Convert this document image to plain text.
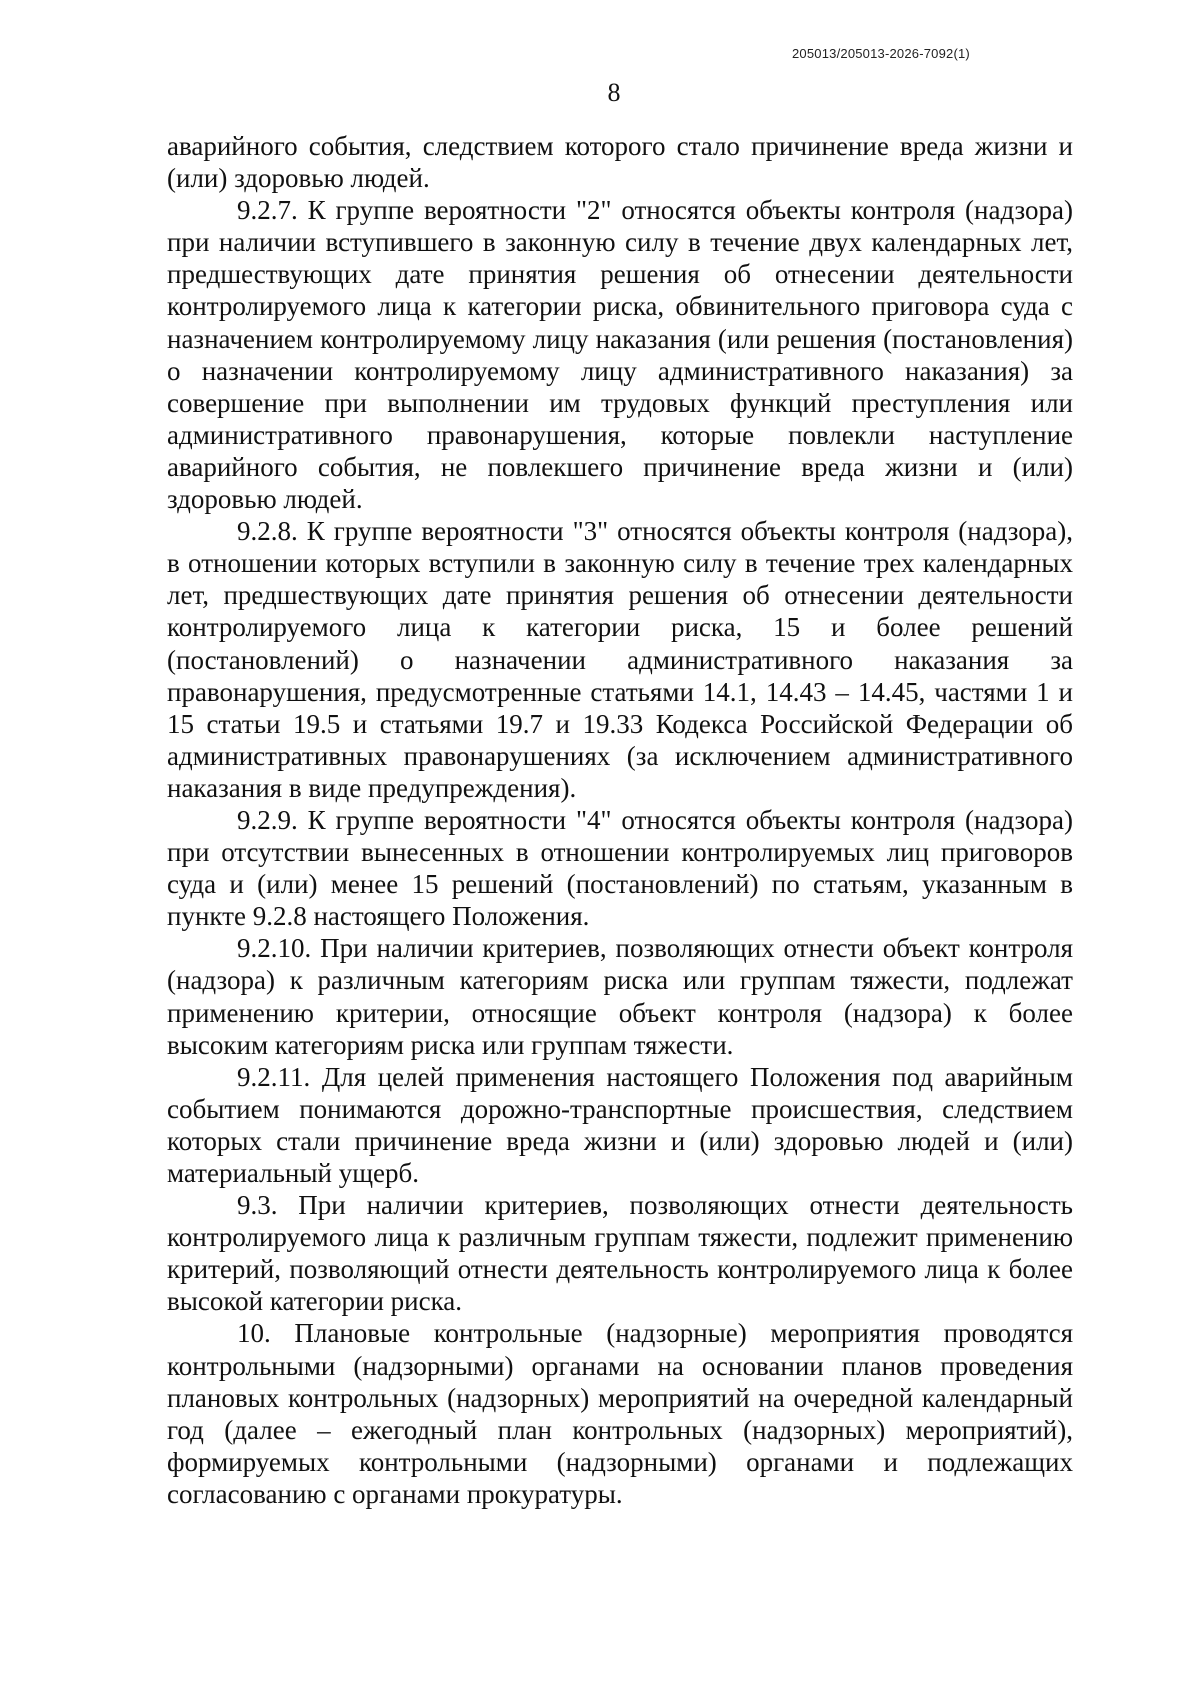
205013/205013-2026-7092(1)
8

аварийного события, следствием которого стало причинение вреда жизни и (или) здоровью людей.

9.2.7. К группе вероятности "2" относятся объекты контроля (надзора) при наличии вступившего в законную силу в течение двух календарных лет, предшествующих дате принятия решения об отнесении деятельности контролируемого лица к категории риска, обвинительного приговора суда с назначением контролируемому лицу наказания (или решения (постановления) о назначении контролируемому лицу административного наказания) за совершение при выполнении им трудовых функций преступления или административного правонарушения, которые повлекли наступление аварийного события, не повлекшего причинение вреда жизни и (или) здоровью людей.

9.2.8. К группе вероятности "3" относятся объекты контроля (надзора), в отношении которых вступили в законную силу в течение трех календарных лет, предшествующих дате принятия решения об отнесении деятельности контролируемого лица к категории риска, 15 и более решений (постановлений) о назначении административного наказания за правонарушения, предусмотренные статьями 14.1, 14.43 – 14.45, частями 1 и 15 статьи 19.5 и статьями 19.7 и 19.33 Кодекса Российской Федерации об административных правонарушениях (за исключением административного наказания в виде предупреждения).

9.2.9. К группе вероятности "4" относятся объекты контроля (надзора) при отсутствии вынесенных в отношении контролируемых лиц приговоров суда и (или) менее 15 решений (постановлений) по статьям, указанным в пункте 9.2.8 настоящего Положения.

9.2.10. При наличии критериев, позволяющих отнести объект контроля (надзора) к различным категориям риска или группам тяжести, подлежат применению критерии, относящие объект контроля (надзора) к более высоким категориям риска или группам тяжести.

9.2.11. Для целей применения настоящего Положения под аварийным событием понимаются дорожно-транспортные происшествия, следствием которых стали причинение вреда жизни и (или) здоровью людей и (или) материальный ущерб.

9.3. При наличии критериев, позволяющих отнести деятельность контролируемого лица к различным группам тяжести, подлежит применению критерий, позволяющий отнести деятельность контролируемого лица к более высокой категории риска.

10. Плановые контрольные (надзорные) мероприятия проводятся контрольными (надзорными) органами на основании планов проведения плановых контрольных (надзорных) мероприятий на очередной календарный год (далее – ежегодный план контрольных (надзорных) мероприятий), формируемых контрольными (надзорными) органами и подлежащих согласованию с органами прокуратуры.
